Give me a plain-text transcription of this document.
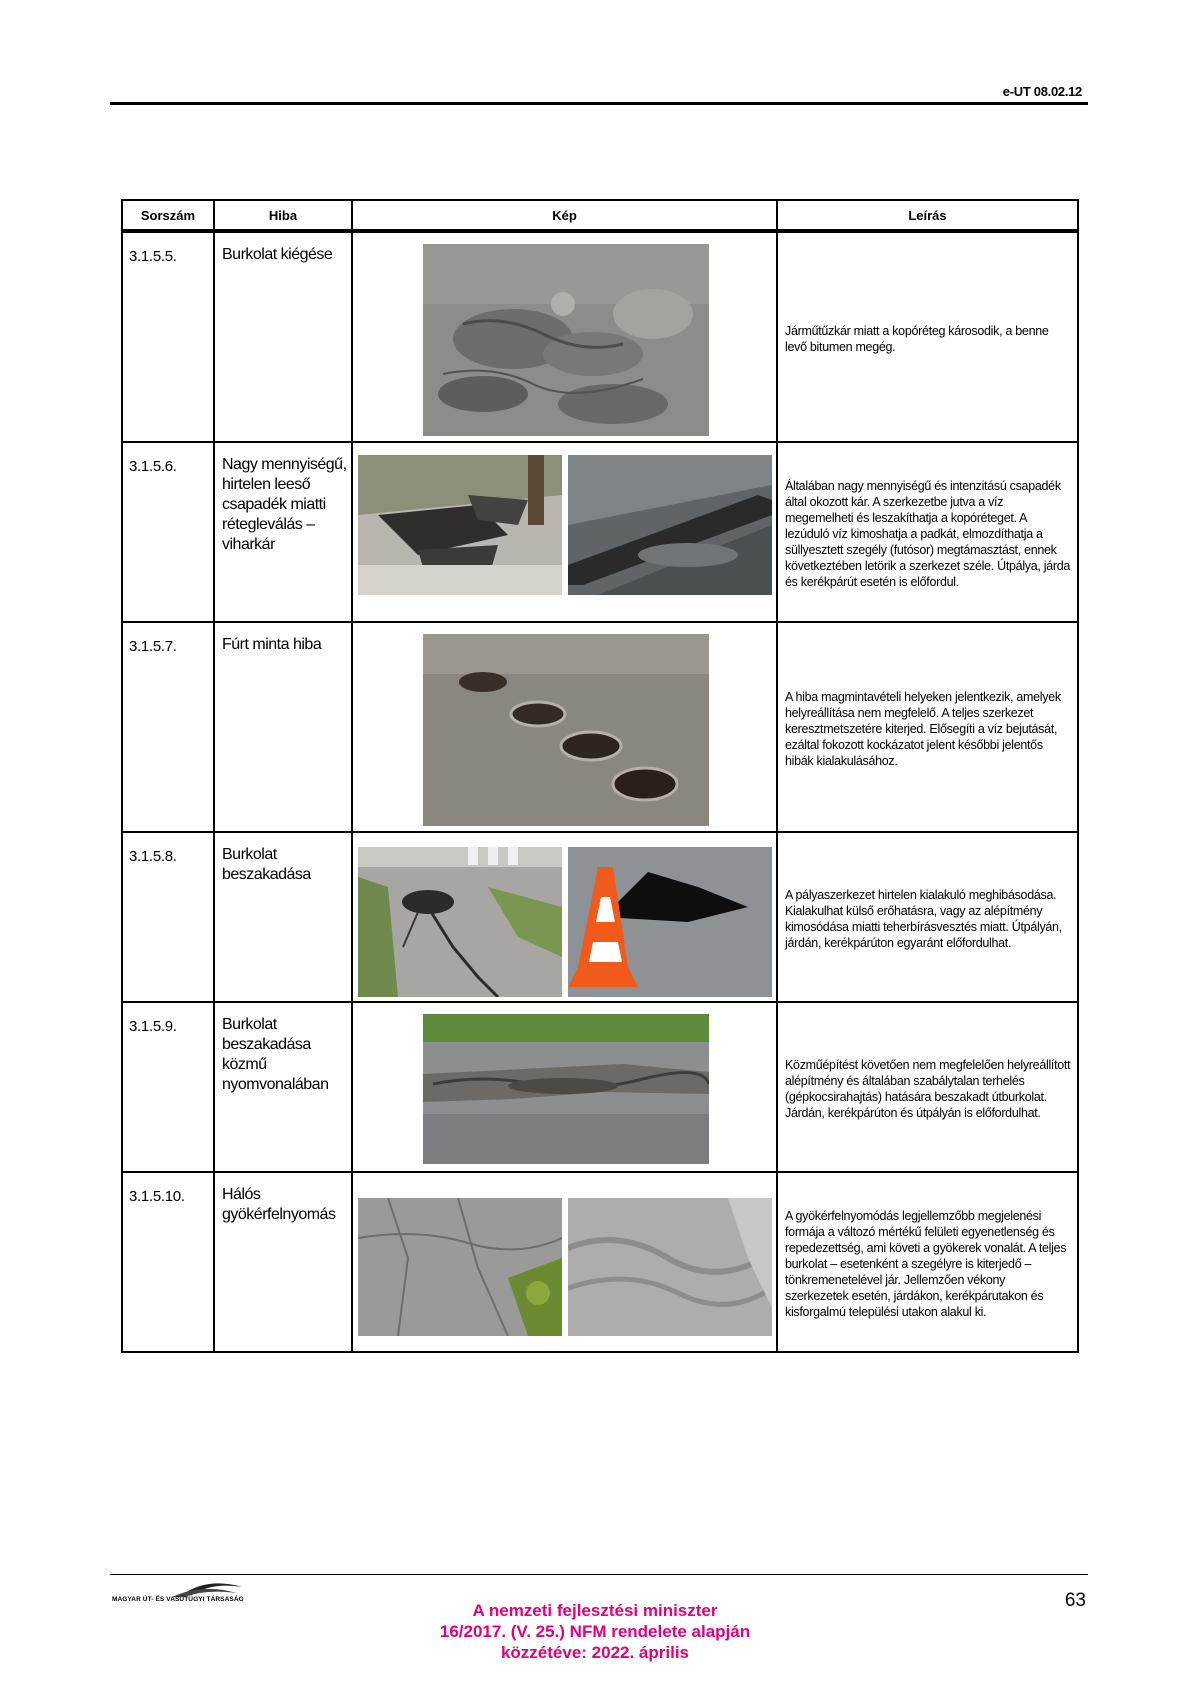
e-UT 08.02.12
Sorszám	Hiba	Kép	Leírás
3.1.5.5.	Burkolat kiégése		Járműtűzkár miatt a kopóréteg károsodik, a benne levő bitumen megég.
3.1.5.6.	Nagy mennyiségű, hirtelen leeső csapadék miatti rétegleválás – viharkár		Általában nagy mennyiségű és intenzitású csapadék által okozott kár. A szerkezetbe jutva a víz megemelheti és leszakíthatja a kopóréteget. A lezúduló víz kimoshatja a padkát, elmozdíthatja a süllyesztett szegély (futósor) megtámasztást, ennek következtében letörik a szerkezet széle. Útpálya, járda és kerékpárút esetén is előfordul.
3.1.5.7.	Fúrt minta hiba		A hiba magmintavételi helyeken jelentkezik, amelyek helyreállítása nem megfelelő. A teljes szerkezet keresztmetszetére kiterjed. Elősegíti a víz bejutását, ezáltal fokozott kockázatot jelent későbbi jelentős hibák kialakulásához.
3.1.5.8.	Burkolat beszakadása		A pályaszerkezet hirtelen kialakuló meghibásodása. Kialakulhat külső erőhatásra, vagy az alépítmény kimosódása miatti teherbírásvesztés miatt. Útpályán, járdán, kerékpárúton egyaránt előfordulhat.
3.1.5.9.	Burkolat beszakadása közmű nyomvonalában		Közműépítést követően nem megfelelően helyreállított alépítmény és általában szabálytalan terhelés (gépkocsirahajtás) hatására beszakadt útburkolat. Járdán, kerékpárúton és útpályán is előfordulhat.
3.1.5.10.	Hálós gyökérfelnyomás		A gyökérfelnyomódás legjellemzőbb megjelenési formája a változó mértékű felületi egyenetlenség és repedezettség, ami követi a gyökerek vonalát. A teljes burkolat – esetenként a szegélyre is kiterjedő – tönkremenetelével jár. Jellemzően vékony szerkezetek esetén, járdákon, kerékpárutakon és kisforgalmú települési utakon alakul ki.
MAGYAR ÚT- ÉS VASÚTÜGYI TÁRSASÁG
A nemzeti fejlesztési miniszter
16/2017. (V. 25.) NFM rendelete alapján
közzétéve: 2022. április
63
